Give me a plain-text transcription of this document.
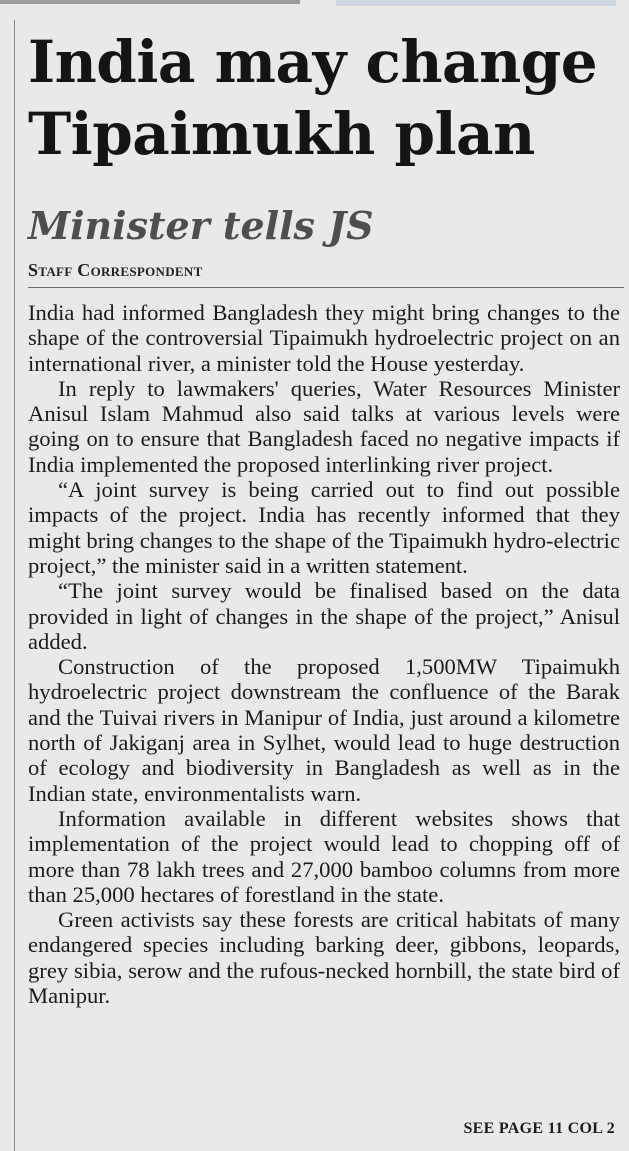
India may change Tipaimukh plan
Minister tells JS
Staff Correspondent

India had informed Bangladesh they might bring changes to the shape of the controversial Tipaimukh hydroelectric project on an international river, a minister told the House yesterday.

In reply to lawmakers' queries, Water Resources Minister Anisul Islam Mahmud also said talks at various levels were going on to ensure that Bangladesh faced no negative impacts if India implemented the proposed interlinking river project.

“A joint survey is being carried out to find out possible impacts of the project. India has recently informed that they might bring changes to the shape of the Tipaimukh hydro-electric project,” the minister said in a written statement.

“The joint survey would be finalised based on the data provided in light of changes in the shape of the project,” Anisul added.

Construction of the proposed 1,500MW Tipaimukh hydroelectric project downstream the confluence of the Barak and the Tuivai rivers in Manipur of India, just around a kilometre north of Jakiganj area in Sylhet, would lead to huge destruction of ecology and biodiversity in Bangladesh as well as in the Indian state, environmentalists warn.

Information available in different websites shows that implementation of the project would lead to chopping off of more than 78 lakh trees and 27,000 bamboo columns from more than 25,000 hectares of forestland in the state.

Green activists say these forests are critical habitats of many endangered species including barking deer, gibbons, leopards, grey sibia, serow and the rufous-necked hornbill, the state bird of Manipur.

SEE PAGE 11 COL 2
